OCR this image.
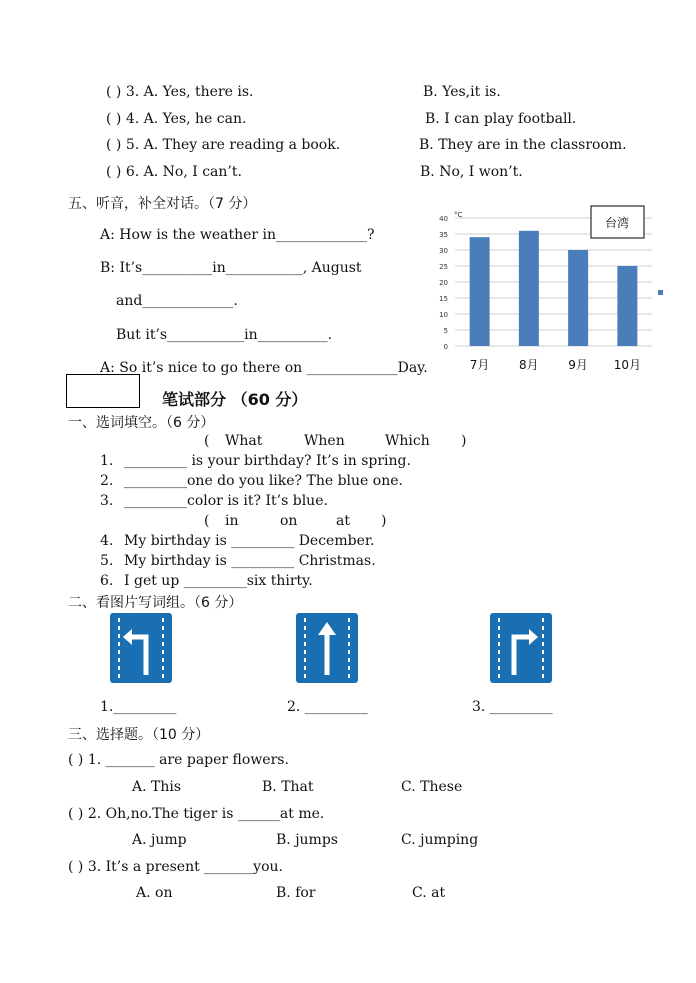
( ) 3. A. Yes, there is.	B. Yes,it is.
( ) 4. A. Yes, he can.	B. I can play football.
( ) 5. A. They are reading a book.	B. They are in the classroom.
( ) 6. A. No, I can’t.	B. No, I won’t.
五、听音，补全对话。（7 分）
A: How is the weather in_____________?
B: It’s__________in___________, August
and_____________.
But it’s___________in__________.
A: So it’s nice to go there on _____________Day.
0
5
10
15
20
25
30
35
40 °C
7月 8月 9月 10月
台湾
笔试部分 （60 分）
一、选词填空。（6 分）
( What	When	Which )
1. _________ is your birthday? It’s in spring.
2. _________one do you like? The blue one.
3. _________color is it? It’s blue.
( in	on	at )
4. My birthday is _________ December.
5. My birthday is _________ Christmas.
6. I get up _________six thirty.
二、看图片写词组。（6 分）
1._________	2. _________	3. _________
三、选择题。（10 分）
( ) 1. _______ are paper flowers.
A. This	B. That	C. These
( ) 2. Oh,no.The tiger is ______at me.
A. jump	B. jumps	C. jumping
( ) 3. It’s a present _______you.
A. on	B. for	C. at
